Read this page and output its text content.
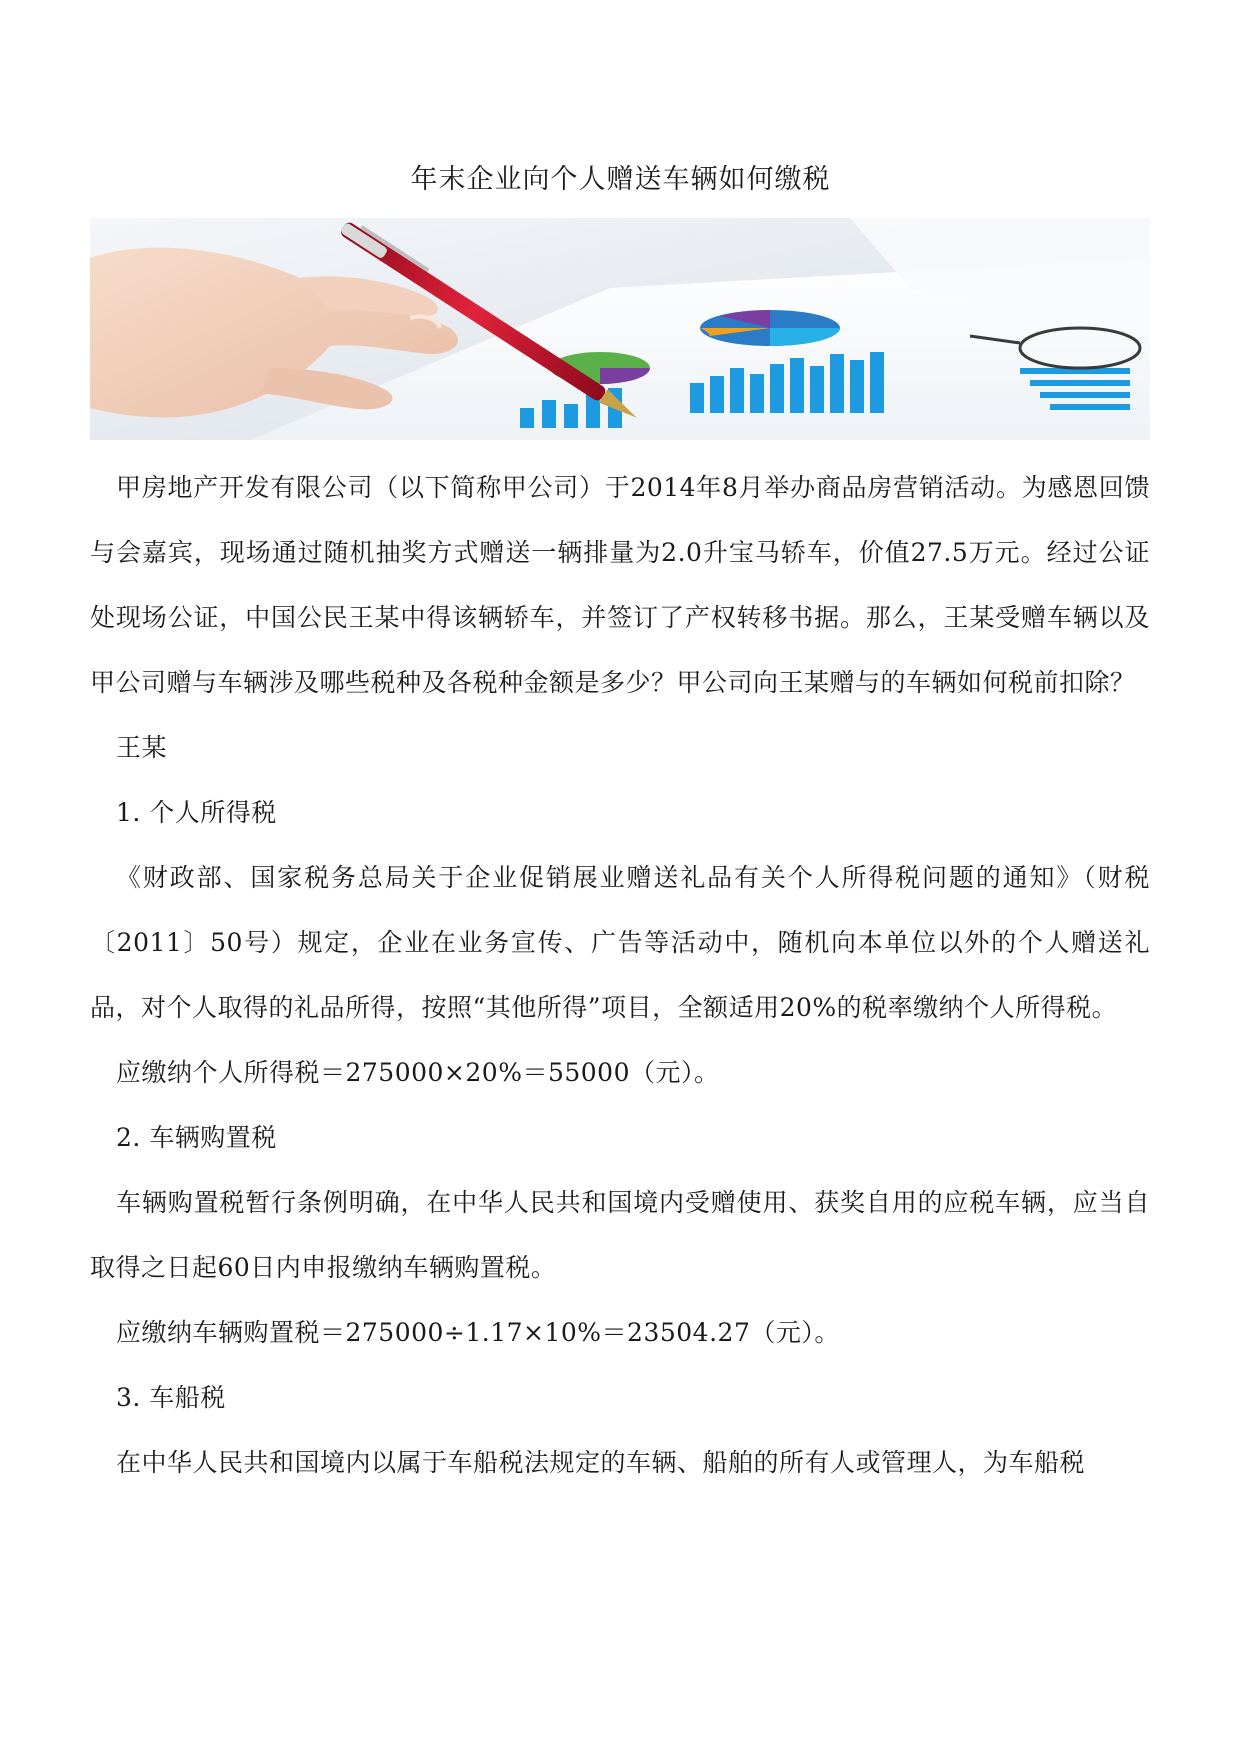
年末企业向个人赠送车辆如何缴税

甲房地产开发有限公司（以下简称甲公司）于2014年8月举办商品房营销活动。为感恩回馈与会嘉宾，现场通过随机抽奖方式赠送一辆排量为2.0升宝马轿车，价值27.5万元。经过公证处现场公证，中国公民王某中得该辆轿车，并签订了产权转移书据。那么，王某受赠车辆以及甲公司赠与车辆涉及哪些税种及各税种金额是多少？甲公司向王某赠与的车辆如何税前扣除？

王某

1. 个人所得税

《财政部、国家税务总局关于企业促销展业赠送礼品有关个人所得税问题的通知》（财税〔2011〕50号）规定，企业在业务宣传、广告等活动中，随机向本单位以外的个人赠送礼品，对个人取得的礼品所得，按照“其他所得”项目，全额适用20%的税率缴纳个人所得税。

应缴纳个人所得税＝275000×20%＝55000（元）。

2. 车辆购置税

车辆购置税暂行条例明确，在中华人民共和国境内受赠使用、获奖自用的应税车辆，应当自取得之日起60日内申报缴纳车辆购置税。

应缴纳车辆购置税＝275000÷1.17×10%＝23504.27（元）。

3. 车船税

在中华人民共和国境内以属于车船税法规定的车辆、船舶的所有人或管理人，为车船税
